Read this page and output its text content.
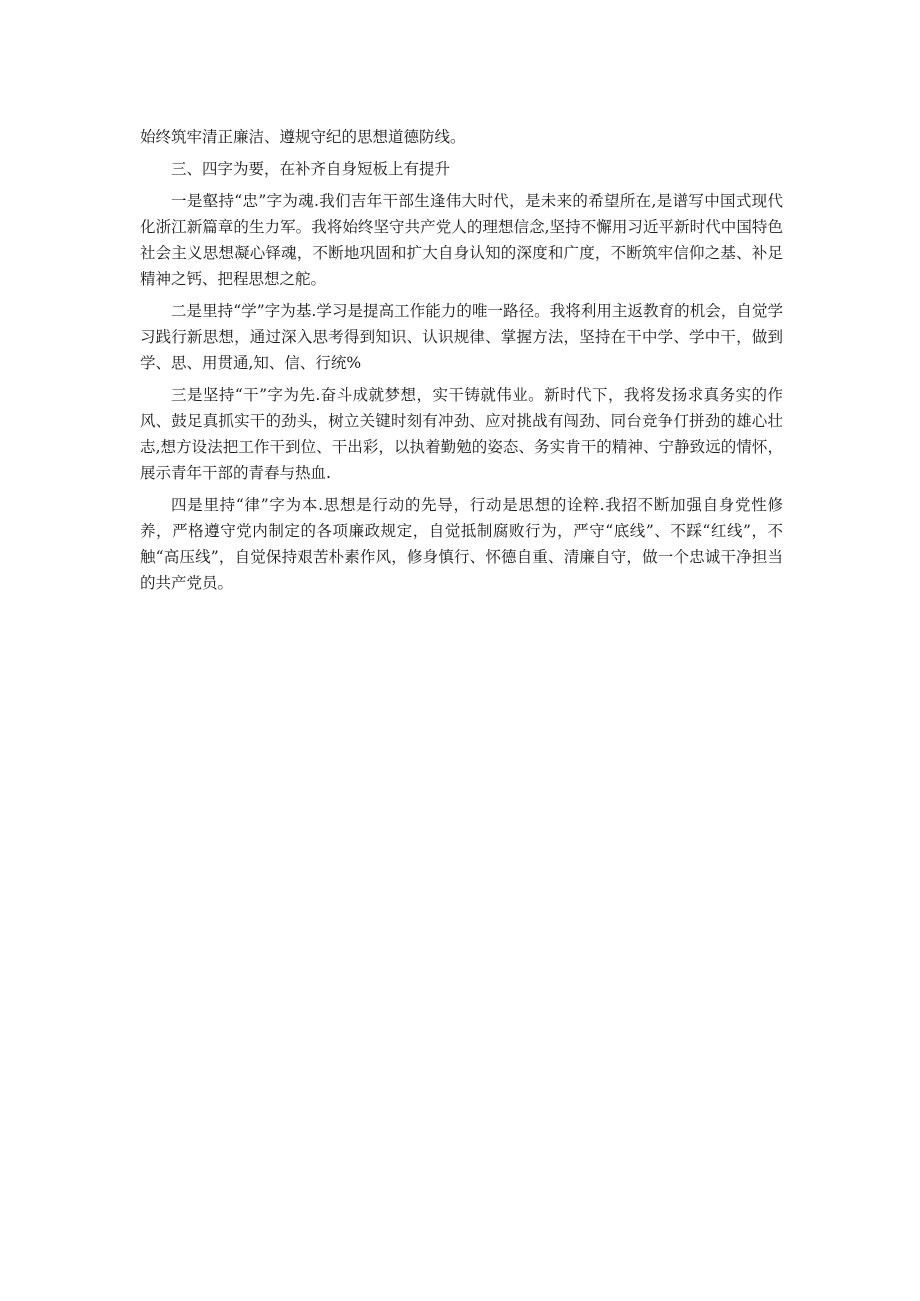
始终筑牢清正廉洁、遵规守纪的思想道德防线。

三、四字为要，在补齐自身短板上有提升

一是壑持“忠”字为魂.我们吉年干部生逢伟大时代，是未来的希望所在,是谱写中国式现代化浙江新篇章的生力军。我将始终坚守共产党人的理想信念,坚持不懈用习近平新时代中国特色社会主义思想凝心铎魂，不断地巩固和扩大自身认知的深度和广度，不断筑牢信仰之基、补足精神之钙、把程思想之舵。

二是里持“学”字为基.学习是提高工作能力的唯一路径。我将利用主返教育的机会，自觉学习践行新思想，通过深入思考得到知识、认识规律、掌握方法，坚持在干中学、学中干，做到学、思、用贯通,知、信、行统%

三是坚持“干”字为先.奋斗成就梦想，实干铸就伟业。新时代下，我将发扬求真务实的作风、鼓足真抓实干的劲头，树立关键时刻有冲劲、应对挑战有闯劲、同台竞争仃拼劲的雄心壮志,想方设法把工作干到位、干出彩，以执着勤勉的姿态、务实肯干的精神、宁静致远的情怀，展示青年干部的青春与热血.

四是里持“律”字为本.思想是行动的先导，行动是思想的诠粹.我招不断加强自身党性修养，严格遵守党内制定的各项廉政规定，自觉抵制腐败行为，严守“底线”、不踩“红线”，不触“高压线”，自觉保持艰苦朴素作风，修身慎行、怀德自重、清廉自守，做一个忠诚干净担当的共产党员。
